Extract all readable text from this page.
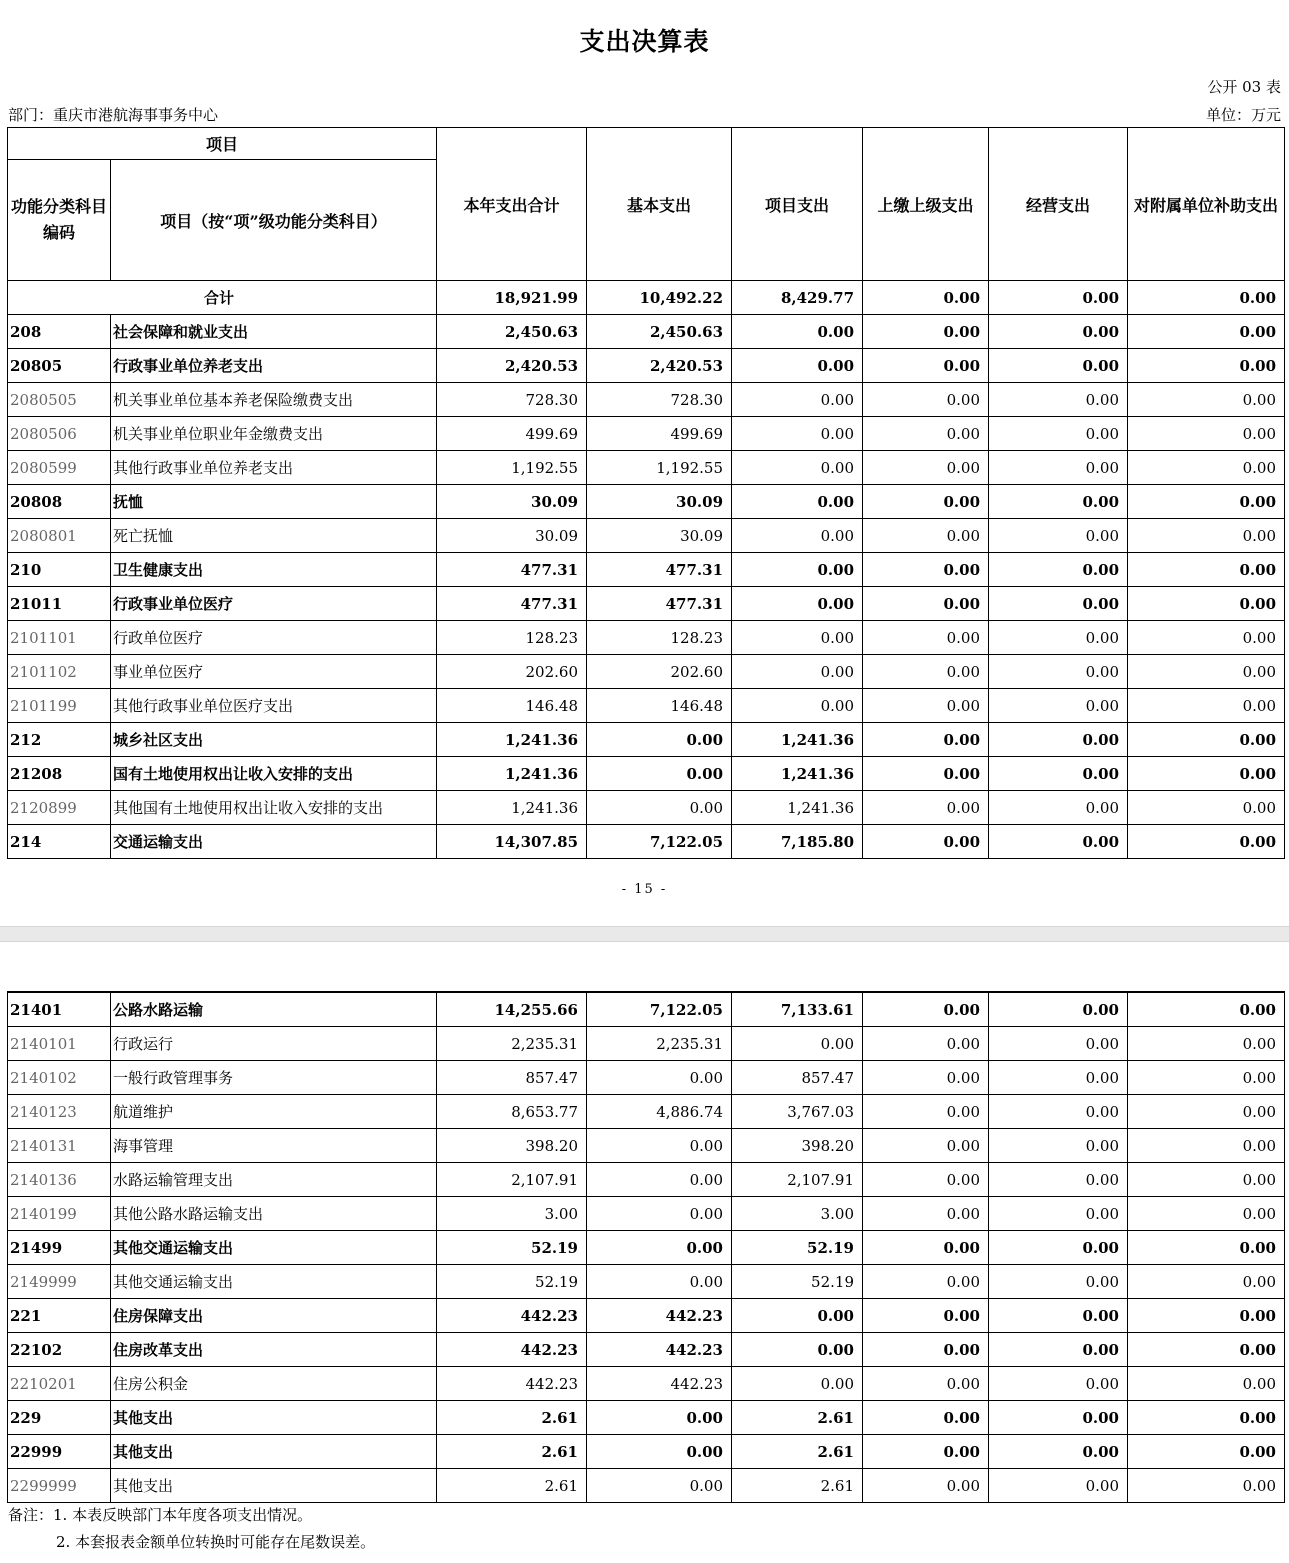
支出决算表
公开 03 表
部门：重庆市港航海事事务中心	单位：万元
项目		本年支出合计	基本支出	项目支出	上缴上级支出	经营支出	对附属单位补助支出
功能分类科目编码	项目（按“项”级功能分类科目）						
合计		18,921.99	10,492.22	8,429.77	0.00	0.00	0.00
208	社会保障和就业支出	2,450.63	2,450.63	0.00	0.00	0.00	0.00
20805	行政事业单位养老支出	2,420.53	2,420.53	0.00	0.00	0.00	0.00
2080505	机关事业单位基本养老保险缴费支出	728.30	728.30	0.00	0.00	0.00	0.00
2080506	机关事业单位职业年金缴费支出	499.69	499.69	0.00	0.00	0.00	0.00
2080599	其他行政事业单位养老支出	1,192.55	1,192.55	0.00	0.00	0.00	0.00
20808	抚恤	30.09	30.09	0.00	0.00	0.00	0.00
2080801	死亡抚恤	30.09	30.09	0.00	0.00	0.00	0.00
210	卫生健康支出	477.31	477.31	0.00	0.00	0.00	0.00
21011	行政事业单位医疗	477.31	477.31	0.00	0.00	0.00	0.00
2101101	行政单位医疗	128.23	128.23	0.00	0.00	0.00	0.00
2101102	事业单位医疗	202.60	202.60	0.00	0.00	0.00	0.00
2101199	其他行政事业单位医疗支出	146.48	146.48	0.00	0.00	0.00	0.00
212	城乡社区支出	1,241.36	0.00	1,241.36	0.00	0.00	0.00
21208	国有土地使用权出让收入安排的支出	1,241.36	0.00	1,241.36	0.00	0.00	0.00
2120899	其他国有土地使用权出让收入安排的支出	1,241.36	0.00	1,241.36	0.00	0.00	0.00
214	交通运输支出	14,307.85	7,122.05	7,185.80	0.00	0.00	0.00
- 15 -
21401	公路水路运输	14,255.66	7,122.05	7,133.61	0.00	0.00	0.00
2140101	行政运行	2,235.31	2,235.31	0.00	0.00	0.00	0.00
2140102	一般行政管理事务	857.47	0.00	857.47	0.00	0.00	0.00
2140123	航道维护	8,653.77	4,886.74	3,767.03	0.00	0.00	0.00
2140131	海事管理	398.20	0.00	398.20	0.00	0.00	0.00
2140136	水路运输管理支出	2,107.91	0.00	2,107.91	0.00	0.00	0.00
2140199	其他公路水路运输支出	3.00	0.00	3.00	0.00	0.00	0.00
21499	其他交通运输支出	52.19	0.00	52.19	0.00	0.00	0.00
2149999	其他交通运输支出	52.19	0.00	52.19	0.00	0.00	0.00
221	住房保障支出	442.23	442.23	0.00	0.00	0.00	0.00
22102	住房改革支出	442.23	442.23	0.00	0.00	0.00	0.00
2210201	住房公积金	442.23	442.23	0.00	0.00	0.00	0.00
229	其他支出	2.61	0.00	2.61	0.00	0.00	0.00
22999	其他支出	2.61	0.00	2.61	0.00	0.00	0.00
2299999	其他支出	2.61	0.00	2.61	0.00	0.00	0.00
备注：1. 本表反映部门本年度各项支出情况。
2. 本套报表金额单位转换时可能存在尾数误差。
